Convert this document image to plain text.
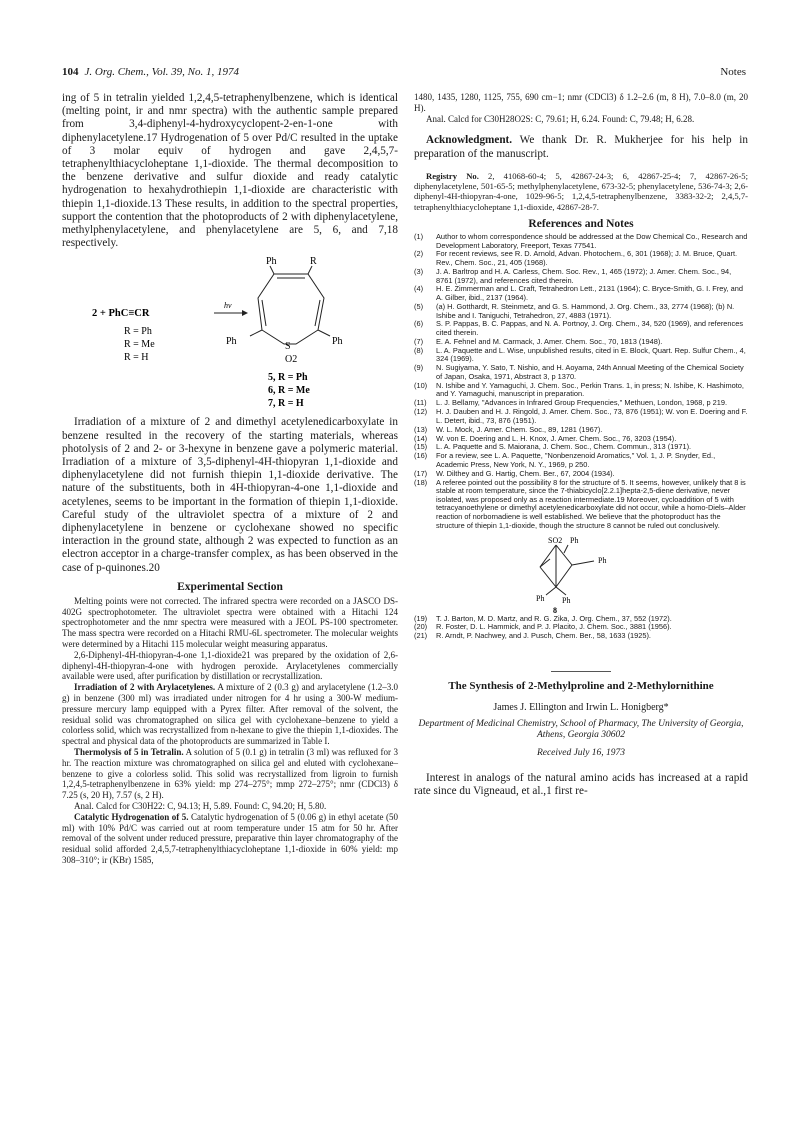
104 J. Org. Chem., Vol. 39, No. 1, 1974	Notes

ing of 5 in tetralin yielded 1,2,4,5-tetraphenylbenzene, which is identical (melting point, ir and nmr spectra) with the authentic sample prepared from 3,4-diphenyl-4-hydroxycyclopent-2-en-1-one with diphenylacetylene.17 Hydrogenation of 5 over Pd/C resulted in the uptake of 3 molar equiv of hydrogen and gave 2,4,5,7-tetraphenylthiacycloheptane 1,1-dioxide. The thermal decomposition to the benzene derivative and sulfur dioxide and ready catalytic hydrogenation to hexahydrothiepin 1,1-dioxide are characteristic with thiepin 1,1-dioxide.13 These results, in addition to the spectral properties, support the contention that the photoproducts of 2 with diphenylacetylene, methylphenylacetylene, and phenylacetylene are 5, 6, and 7,18 respectively.

Ph	R
2 + PhC≡CR
hν
R = Ph
R = Me
R = H
Ph	S	Ph
O2
5, R = Ph
6, R = Me
7, R = H

Irradiation of a mixture of 2 and dimethyl acetylenedicarboxylate in benzene resulted in the recovery of the starting materials, whereas photolysis of 2 and 2- or 3-hexyne in benzene gave a polymeric material. Irradiation of a mixture of 3,5-diphenyl-4H-thiopyran 1,1-dioxide and diphenylacetylene did not furnish thiepin 1,1-dioxide derivative. The nature of the substituents, both in 4H-thiopyran-4-one 1,1-dioxide and acetylenes, seems to be important in the formation of thiepin 1,1-dioxide. Careful study of the ultraviolet spectra of a mixture of 2 and diphenylacetylene in benzene or cyclohexane showed no specific interaction in the ground state, although 2 was expected to function as an electron acceptor in a charge-transfer complex, as has been observed in the case of p-quinones.20

Experimental Section

Melting points were not corrected. The infrared spectra were recorded on a JASCO DS-402G spectrophotometer. The ultraviolet spectra were obtained with a Hitachi 124 spectrophotometer and the nmr spectra were measured with a JEOL PS-100 spectrometer. The mass spectra were recorded on a Hitachi RMU-6L spectrometer. The molecular weights were determined by a Hitachi 115 molecular weight measuring apparatus.

2,6-Diphenyl-4H-thiopyran-4-one 1,1-dioxide21 was prepared by the oxidation of 2,6-diphenyl-4H-thiopyran-4-one with hydrogen peroxide. Arylacetylenes commercially available were used, after purification by distillation or recrystallization.

Irradiation of 2 with Arylacetylenes. A mixture of 2 (0.3 g) and arylacetylene (1.2–3.0 g) in benzene (300 ml) was irradiated under nitrogen for 4 hr using a 300-W medium-pressure mercury lamp equipped with a Pyrex filter. After removal of the solvent, the residual solid was chromatographed on silica gel with cyclohexane–benzene to yield a colorless solid, which was recrystallized from n-hexane to give the thiepin 1,1-dioxides. The spectral and physical data of the photoproducts are summarized in Table I.

Thermolysis of 5 in Tetralin. A solution of 5 (0.1 g) in tetralin (3 ml) was refluxed for 3 hr. The reaction mixture was chromatographed on silica gel and eluted with cyclohexane–benzene to give a colorless solid. This solid was recrystallized from ligroin to furnish 1,2,4,5-tetraphenylbenzene in 63% yield: mp 274–275°; mmp 272–275°; nmr (CDCl3) δ 7.25 (s, 20 H), 7.57 (s, 2 H).

Anal. Calcd for C30H22: C, 94.13; H, 5.89. Found: C, 94.20; H, 5.80.

Catalytic Hydrogenation of 5. Catalytic hydrogenation of 5 (0.06 g) in ethyl acetate (50 ml) with 10% Pd/C was carried out at room temperature under 15 atm for 50 hr. After removal of the solvent under reduced pressure, preparative thin layer chromatography of the residual solid afforded 2,4,5,7-tetraphenylthiacycloheptane 1,1-dioxide in 60% yield: mp 308–310°; ir (KBr) 1585,

1480, 1435, 1280, 1125, 755, 690 cm−1; nmr (CDCl3) δ 1.2–2.6 (m, 8 H), 7.0–8.0 (m, 20 H).

Anal. Calcd for C30H28O2S: C, 79.61; H, 6.24. Found: C, 79.48; H, 6.28.

Acknowledgment. We thank Dr. R. Mukherjee for his help in preparation of the manuscript.

Registry No. 2, 41068-60-4; 5, 42867-24-3; 6, 42867-25-4; 7, 42867-26-5; diphenylacetylene, 501-65-5; methylphenylacetylene, 673-32-5; phenylacetylene, 536-74-3; 2,6-diphenyl-4H-thiopyran-4-one, 1029-96-5; 1,2,4,5-tetraphenylbenzene, 3383-32-2; 2,4,5,7-tetraphenylthiacycloheptane 1,1-dioxide, 42867-28-7.

References and Notes
(1) Author to whom correspondence should be addressed at the Dow Chemical Co., Research and Development Laboratory, Freeport, Texas 77541.
(2) For recent reviews, see R. D. Arnold, Advan. Photochem., 6, 301 (1968); J. M. Bruce, Quart. Rev., Chem. Soc., 21, 405 (1968).
(3) J. A. Barltrop and H. A. Carless, Chem. Soc. Rev., 1, 465 (1972); J. Amer. Chem. Soc., 94, 8761 (1972), and references cited therein.
(4) H. E. Zimmerman and L. Craft, Tetrahedron Lett., 2131 (1964); C. Bryce-Smith, G. I. Frey, and A. Gilber, ibid., 2137 (1964).
(5) (a) H. Gotthardt, R. Steinmetz, and G. S. Hammond, J. Org. Chem., 33, 2774 (1968); (b) N. Ishibe and I. Taniguchi, Tetrahedron, 27, 4883 (1971).
(6) S. P. Pappas, B. C. Pappas, and N. A. Portnoy, J. Org. Chem., 34, 520 (1969), and references cited therein.
(7) E. A. Fehnel and M. Carmack, J. Amer. Chem. Soc., 70, 1813 (1948).
(8) L. A. Paquette and L. Wise, unpublished results, cited in E. Block, Quart. Rep. Sulfur Chem., 4, 324 (1969).
(9) N. Sugiyama, Y. Sato, T. Nishio, and H. Aoyama, 24th Annual Meeting of the Chemical Society of Japan, Osaka, 1971, Abstract 3, p 1370.
(10) N. Ishibe and Y. Yamaguchi, J. Chem. Soc., Perkin Trans. 1, in press; N. Ishibe, K. Hashimoto, and Y. Yamaguchi, manuscript in preparation.
(11) L. J. Bellamy, "Advances in Infrared Group Frequencies," Methuen, London, 1968, p 219.
(12) H. J. Dauben and H. J. Ringold, J. Amer. Chem. Soc., 73, 876 (1951); W. von E. Doering and F. L. Detert, ibid., 73, 876 (1951).
(13) W. L. Mock, J. Amer. Chem. Soc., 89, 1281 (1967).
(14) W. von E. Doering and L. H. Knox, J. Amer. Chem. Soc., 76, 3203 (1954).
(15) L. A. Paquette and S. Maiorana, J. Chem. Soc., Chem. Commun., 313 (1971).
(16) For a review, see L. A. Paquette, "Nonbenzenoid Aromatics," Vol. 1, J. P. Snyder, Ed., Academic Press, New York, N. Y., 1969, p 250.
(17) W. Dilthey and G. Hartig, Chem. Ber., 67, 2004 (1934).
(18) A referee pointed out the possibility 8 for the structure of 5. It seems, however, unlikely that 8 is stable at room temperature, since the 7-thiabicyclo[2.2.1]hepta-2,5-diene derivative, never isolated, was proposed only as a reaction intermediate.19 Moreover, cycloaddition of 5 with tetracyanoethylene or dimethyl acetylenedicarboxylate did not occur, while a homo-Diels–Alder reaction of norbornadiene is well established. We believe that the photoproduct has the structure of thiepin 1,1-dioxide, though the structure 8 cannot be ruled out conclusively.
SO2 Ph
Ph
Ph Ph
8
(19) T. J. Barton, M. D. Martz, and R. G. Zika, J. Org. Chem., 37, 552 (1972).
(20) R. Foster, D. L. Hammick, and P. J. Placito, J. Chem. Soc., 3881 (1956).
(21) R. Arndt, P. Nachwey, and J. Pusch, Chem. Ber., 58, 1633 (1925).
The Synthesis of 2-Methylproline and 2-Methylornithine
James J. Ellington and Irwin L. Honigberg*
Department of Medicinal Chemistry, School of Pharmacy, The University of Georgia, Athens, Georgia 30602
Received July 16, 1973

Interest in analogs of the natural amino acids has increased at a rapid rate since du Vigneaud, et al.,1 first re-
